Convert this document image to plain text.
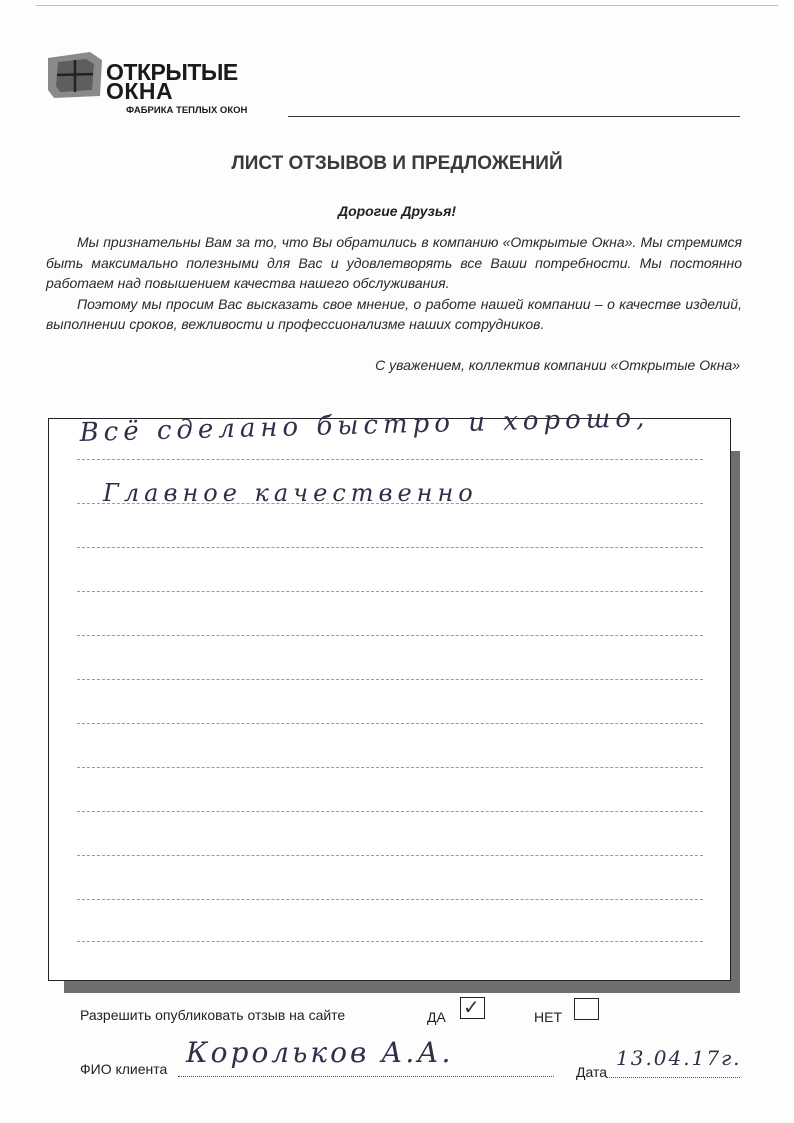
ОТКРЫТЫЕ
ОКНА
ФАБРИКА ТЕПЛЫХ ОКОН
ЛИСТ ОТЗЫВОВ И ПРЕДЛОЖЕНИЙ
Дорогие Друзья!

Мы признательны Вам за то, что Вы обратились в компанию «Открытые Окна». Мы стремимся быть максимально полезными для Вас и удовлетворять все Ваши потребности. Мы постоянно работаем над повышением качества нашего обслуживания.

Поэтому мы просим Вас высказать свое мнение, о работе нашей компании – о качестве изделий, выполнении сроков, вежливости и профессионализме наших сотрудников.

С уважением, коллектив компании «Открытые Окна»
Главное качественно
Всё сделано быстро и хорошо,
Разрешить опубликовать отзыв на сайте	ДА ✓	НЕТ
ФИО клиента Корольков А.А.
Дата
13.04.17г.
